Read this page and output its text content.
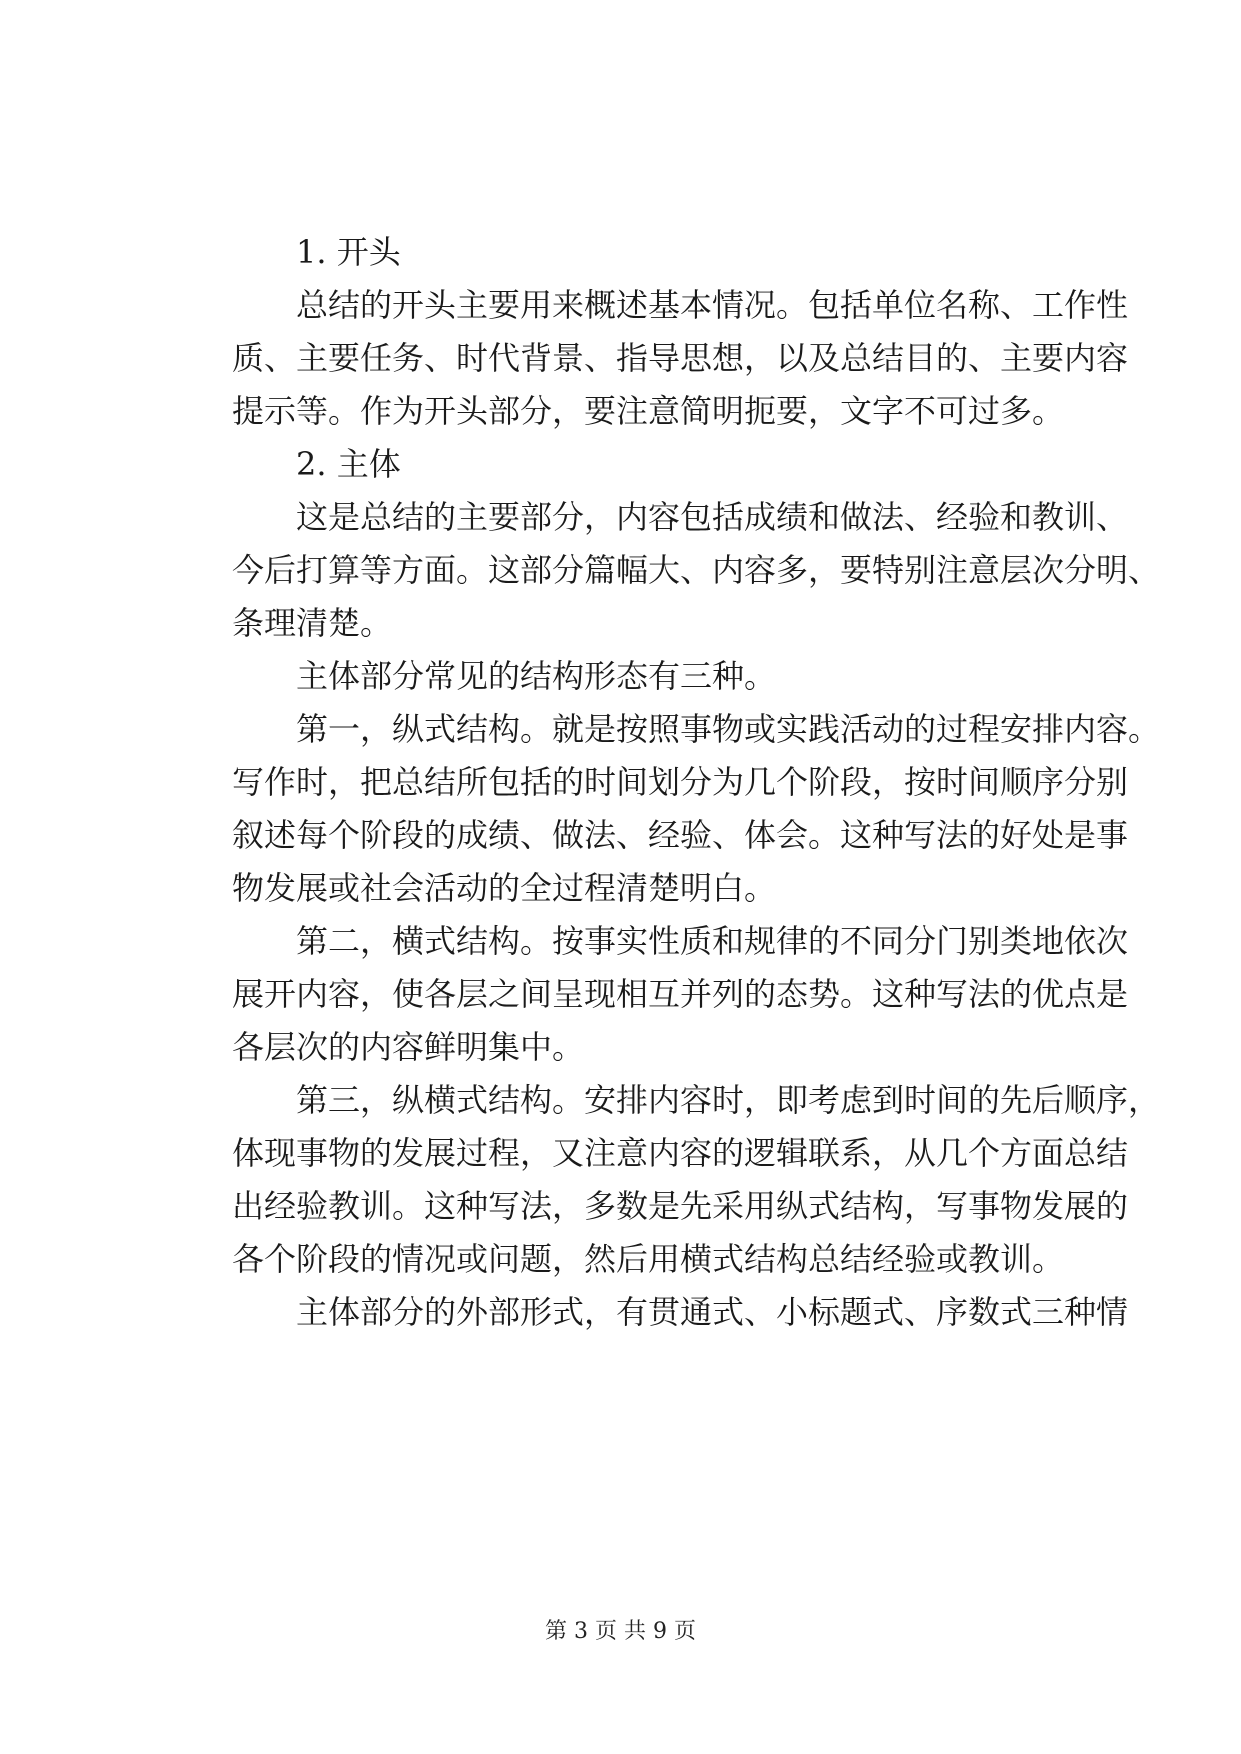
　　1. 开头
　　总结的开头主要用来概述基本情况。包括单位名称、工作性
质、主要任务、时代背景、指导思想，以及总结目的、主要内容
提示等。作为开头部分，要注意简明扼要，文字不可过多。
　　2. 主体
　　这是总结的主要部分，内容包括成绩和做法、经验和教训、
今后打算等方面。这部分篇幅大、内容多，要特别注意层次分明、
条理清楚。
　　主体部分常见的结构形态有三种。
　　第一，纵式结构。就是按照事物或实践活动的过程安排内容。
写作时，把总结所包括的时间划分为几个阶段，按时间顺序分别
叙述每个阶段的成绩、做法、经验、体会。这种写法的好处是事
物发展或社会活动的全过程清楚明白。
　　第二，横式结构。按事实性质和规律的不同分门别类地依次
展开内容，使各层之间呈现相互并列的态势。这种写法的优点是
各层次的内容鲜明集中。
　　第三，纵横式结构。安排内容时，即考虑到时间的先后顺序，
体现事物的发展过程，又注意内容的逻辑联系，从几个方面总结
出经验教训。这种写法，多数是先采用纵式结构，写事物发展的
各个阶段的情况或问题，然后用横式结构总结经验或教训。
　　主体部分的外部形式，有贯通式、小标题式、序数式三种情
第 3 页 共 9 页
